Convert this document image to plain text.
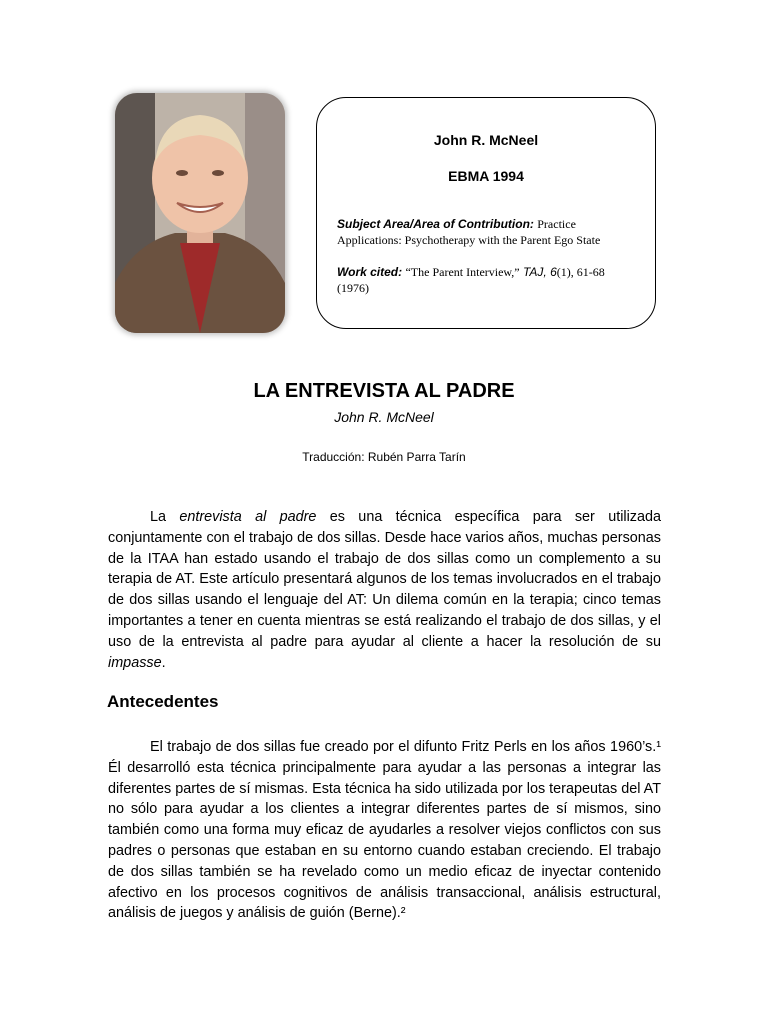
John R. McNeel
EBMA 1994
Subject Area/Area of Contribution: Practice Applications: Psychotherapy with the Parent Ego State
Work cited: “The Parent Interview,” TAJ, 6(1), 61-68 (1976)
LA ENTREVISTA AL PADRE
John R. McNeel
Traducción: Rubén Parra Tarín

La entrevista al padre es una técnica específica para ser utilizada conjuntamente con el trabajo de dos sillas. Desde hace varios años, muchas personas de la ITAA han estado usando el trabajo de dos sillas como un complemento a su terapia de AT. Este artículo presentará algunos de los temas involucrados en el trabajo de dos sillas usando el lenguaje del AT: Un dilema común en la terapia; cinco temas importantes a tener en cuenta mientras se está realizando el trabajo de dos sillas, y el uso de la entrevista al padre para ayudar al cliente a hacer la resolución de su impasse.

Antecedentes

El trabajo de dos sillas fue creado por el difunto Fritz Perls en los años 1960’s.¹ Él desarrolló esta técnica principalmente para ayudar a las personas a integrar las diferentes partes de sí mismas. Esta técnica ha sido utilizada por los terapeutas del AT no sólo para ayudar a los clientes a integrar diferentes partes de sí mismos, sino también como una forma muy eficaz de ayudarles a resolver viejos conflictos con sus padres o personas que estaban en su entorno cuando estaban creciendo. El trabajo de dos sillas también se ha revelado como un medio eficaz de inyectar contenido afectivo en los procesos cognitivos de análisis transaccional, análisis estructural, análisis de juegos y análisis de guión (Berne).²
